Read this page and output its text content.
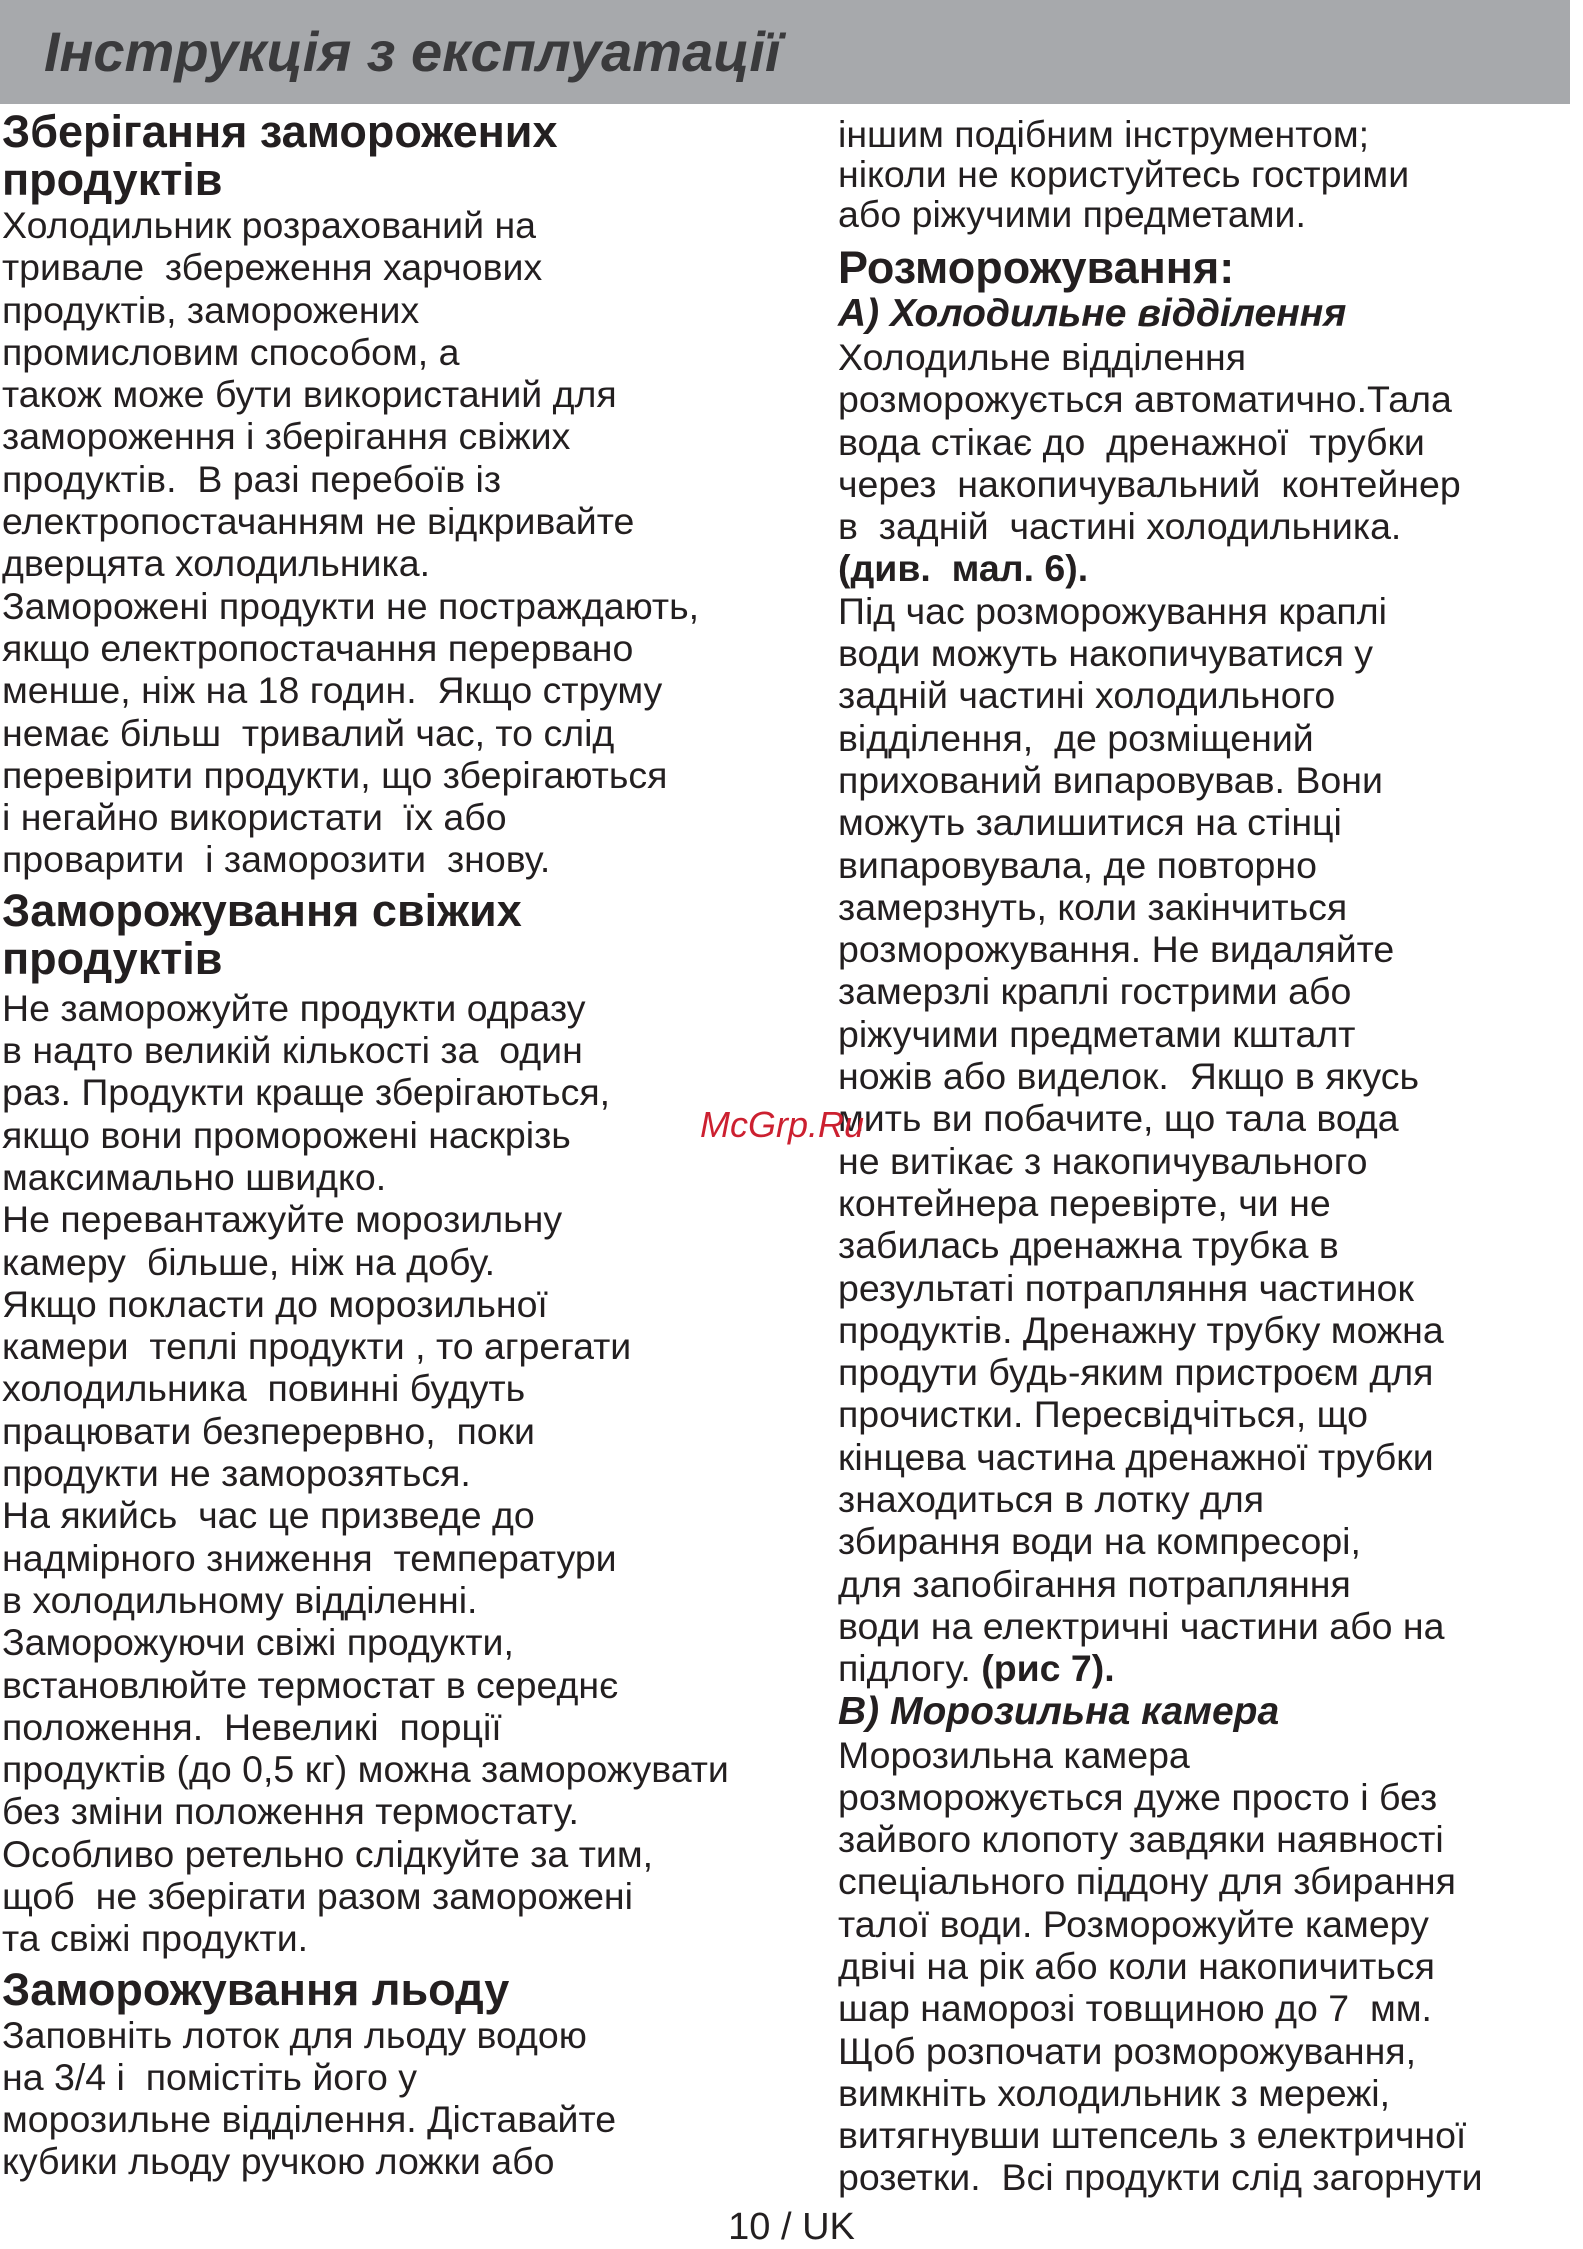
Інструкція з експлуатації

Зберігання заморожених
продуктів

Холодильник розрахований на
тривале  збереження харчових
продуктів, заморожених
промисловим способом, а
також може бути використаний для
замороження і зберігання свіжих
продуктів.  В разі перебоїв із
електропостачанням не відкривайте
дверцята холодильника.
Заморожені продукти не постраждають,
якщо електропостачання перервано
менше, ніж на 18 годин.  Якщо струму
немає більш  тривалий час, то слід
перевірити продукти, що зберігаються
і негайно використати  їх або
проварити  і заморозити  знову.

Заморожування свіжих
продуктів

Не заморожуйте продукти одразу
в надто великій кількості за  один
раз. Продукти краще зберігаються,
якщо вони проморожені наскрізь
максимально швидко.
Не перевантажуйте морозильну
камеру  більше, ніж на добу.
Якщо покласти до морозильної
камери  теплі продукти , то агрегати
холодильника  повинні будуть
працювати безперервно,  поки
продукти не заморозяться.
На якийсь  час це призведе до
надмірного зниження  температури
в холодильному відділенні.
Заморожуючи свіжі продукти,
встановлюйте термостат в середнє
положення.  Невеликі  порції
продуктів (до 0,5 кг) можна заморожувати
без зміни положення термостату.
Особливо ретельно слідкуйте за тим,
щоб  не зберігати разом заморожені
та свіжі продукти.

Заморожування льоду

Заповніть лоток для льоду водою
на 3/4 і  помістіть його у
морозильне відділення. Діставайте
кубики льоду ручкою ложки або

іншим подібним інструментом;
ніколи не користуйтесь гострими
або ріжучими предметами.

Розморожування:

A) Холодильне відділення

Холодильне відділення
розморожується автоматично.Тала
вода стікає до  дренажної  трубки
через  накопичувальний  контейнер
в  задній  частині холодильника.

(див.  мал. 6).

Під час розморожування краплі
води можуть накопичуватися у
задній частині холодильного
відділення,  де розміщений
прихований випаровував. Вони
можуть залишитися на стінці
випаровувала, де повторно
замерзнуть, коли закінчиться
розморожування. Не видаляйте
замерзлі краплі гострими або
ріжучими предметами кшталт
ножів або виделок.  Якщо в якусь
мить ви побачите, що тала вода
не витікає з накопичувального
контейнера перевірте, чи не
забилась дренажна трубка в
результаті потрапляння частинок
продуктів. Дренажну трубку можна
продути будь-яким пристроєм для
прочистки. Пересвідчіться, що
кінцева частина дренажної трубки
знаходиться в лотку для
збирання води на компресорі,
для запобігання потрапляння
води на електричні частини або на
підлогу. (рис 7).

B) Морозильна камера

Морозильна камера
розморожується дуже просто і без
зайвого клопоту завдяки наявності
спеціального піддону для збирання
талої води. Розморожуйте камеру
двічі на рік або коли накопичиться
шар наморозі товщиною до 7  мм.
Щоб розпочати розморожування,
вимкніть холодильник з мережі,
витягнувши штепсель з електричної
розетки.  Всі продукти слід загорнути

McGrp.Ru
10 / UK
